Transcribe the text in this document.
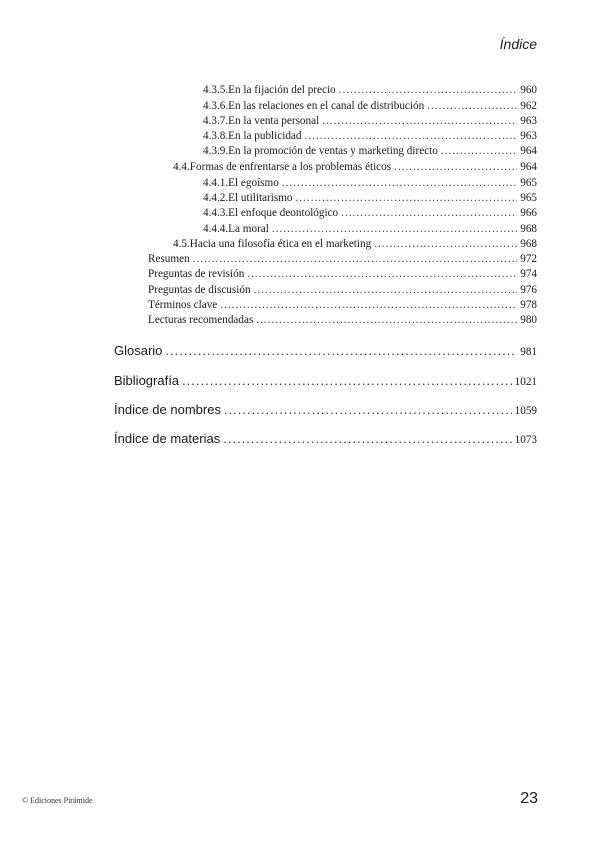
Índice
4.3.5. En la fijación del precio .....	960
4.3.6. En las relaciones en el canal de distribución .....	962
4.3.7. En la venta personal .....	963
4.3.8. En la publicidad .....	963
4.3.9. En la promoción de ventas y marketing directo .....	964
4.4. Formas de enfrentarse a los problemas éticos .....	964
4.4.1. El egoísmo .....	965
4.4.2. El utilitarismo .....	965
4.4.3. El enfoque deontológico .....	966
4.4.4. La moral .....	968
4.5. Hacia una filosofía ética en el marketing .....	968
Resumen .....	972
Preguntas de revisión .....	974
Preguntas de discusión .....	976
Términos clave .....	978
Lecturas recomendadas .....	980
Glosario .....	981
Bibliografía .....	1021
Índice de nombres .....	1059
Índice de materias .....	1073
© Ediciones Pirámide	23
